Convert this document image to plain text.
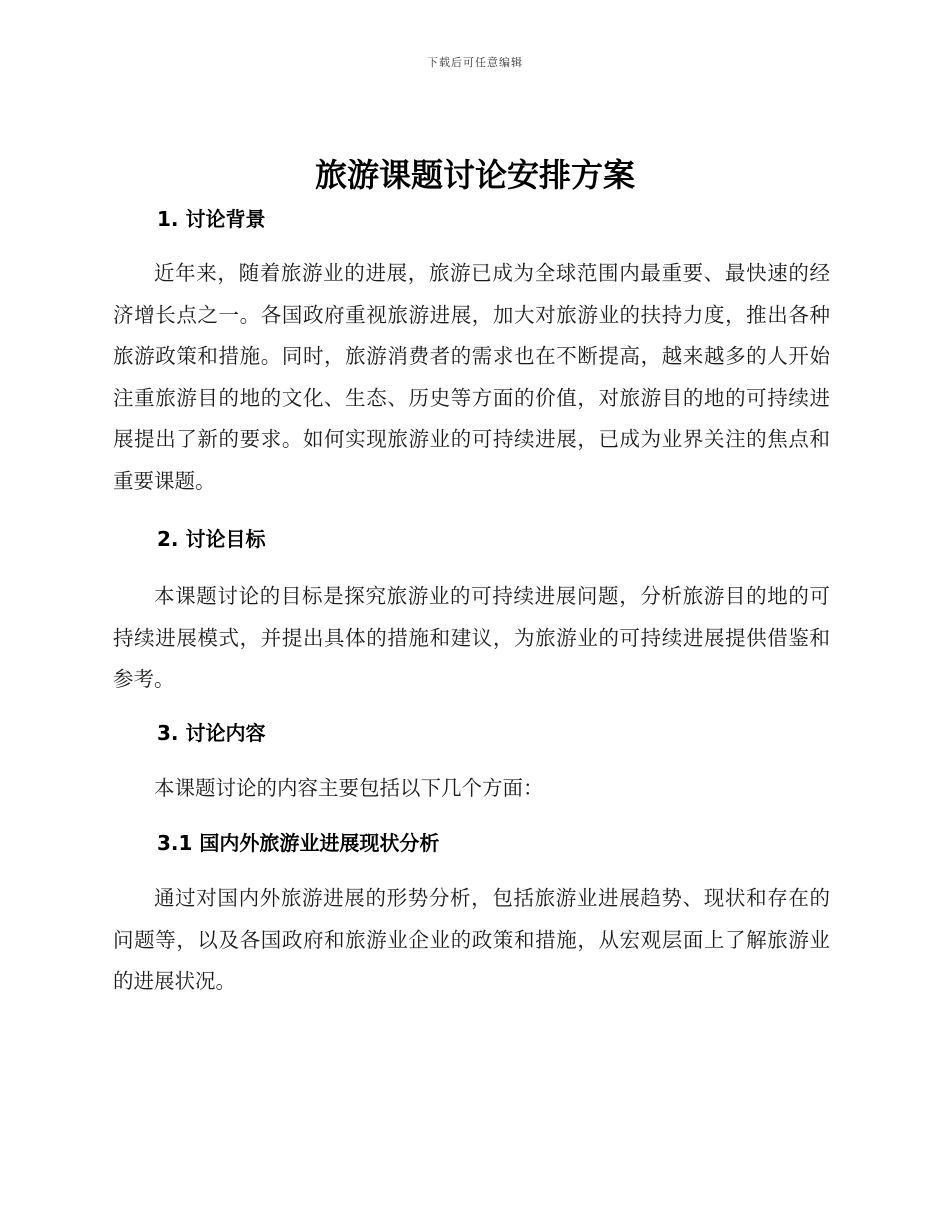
下载后可任意编辑
旅游课题讨论安排方案
1. 讨论背景

近年来，随着旅游业的进展，旅游已成为全球范围内最重要、最快速的经济增长点之一。各国政府重视旅游进展，加大对旅游业的扶持力度，推出各种旅游政策和措施。同时，旅游消费者的需求也在不断提高，越来越多的人开始注重旅游目的地的文化、生态、历史等方面的价值，对旅游目的地的可持续进展提出了新的要求。如何实现旅游业的可持续进展，已成为业界关注的焦点和重要课题。

2. 讨论目标

本课题讨论的目标是探究旅游业的可持续进展问题，分析旅游目的地的可持续进展模式，并提出具体的措施和建议，为旅游业的可持续进展提供借鉴和参考。

3. 讨论内容

本课题讨论的内容主要包括以下几个方面：

3.1 国内外旅游业进展现状分析

通过对国内外旅游进展的形势分析，包括旅游业进展趋势、现状和存在的问题等，以及各国政府和旅游业企业的政策和措施，从宏观层面上了解旅游业的进展状况。
